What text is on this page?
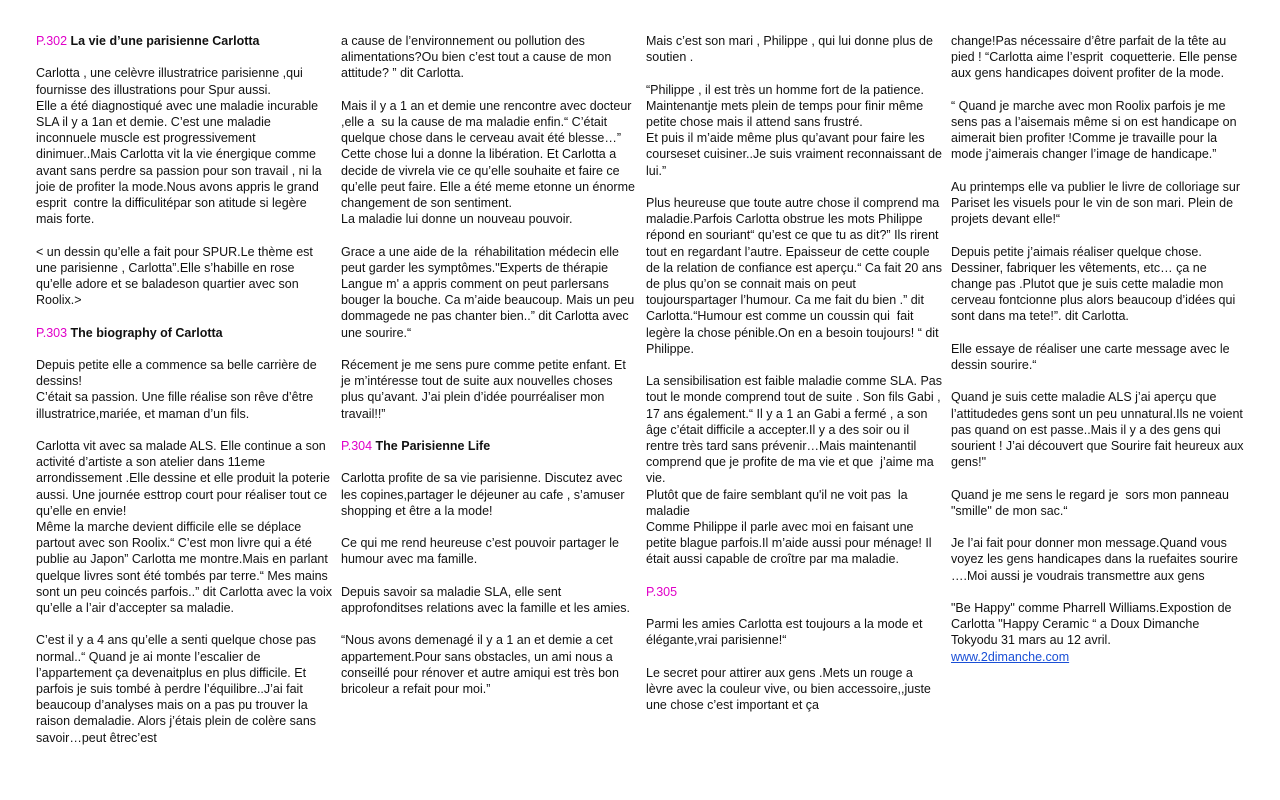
P.302 La vie d’une parisienne Carlotta

Carlotta , une celèvre illustratrice parisienne ,qui fournisse des illustrations pour Spur aussi.
Elle a été diagnostiqué avec une maladie incurable SLA il y a 1an et demie. C’est une maladie inconnuele muscle est progressivement dinimuer..Mais Carlotta vit la vie énergique comme avant sans perdre sa passion pour son travail , ni la joie de profiter la mode.Nous avons appris le grand esprit  contre la difficulitépar son atitude si legère mais forte.

< un dessin qu’elle a fait pour SPUR.Le thème est une parisienne , Carlotta”.Elle s’habille en rose qu’elle adore et se baladeson quartier avec son Roolix.>

P.303 The biography of Carlotta

Depuis petite elle a commence sa belle carrière de dessins!
C’était sa passion. Une fille réalise son rêve d’être illustratrice,mariée, et maman d’un fils.

Carlotta vit avec sa malade ALS. Elle continue a son activité d’artiste a son atelier dans 11eme arrondissement .Elle dessine et elle produit la poterie aussi. Une journée esttrop court pour réaliser tout ce qu’elle en envie!
Même la marche devient difficile elle se déplace partout avec son Roolix.“ C’est mon livre qui a été publie au Japon” Carlotta me montre.Mais en parlant quelque livres sont été tombés par terre.“ Mes mains sont un peu coincés parfois..” dit Carlotta avec la voix qu’elle a l’air d’accepter sa maladie.

C’est il y a 4 ans qu’elle a senti quelque chose pas normal..“ Quand je ai monte l’escalier de l’appartement ça devenaitplus en plus difficile. Et parfois je suis tombé à perdre l’équilibre..J’ai fait beaucoup d’analyses mais on a pas pu trouver la raison demaladie. Alors j’étais plein de colère sans savoir…peut êtrec’est

a cause de l’environnement ou pollution des alimentations?Ou bien c’est tout a cause de mon attitude? ” dit Carlotta.

Mais il y a 1 an et demie une rencontre avec docteur ,elle a  su la cause de ma maladie enfin.“ C’était quelque chose dans le cerveau avait été blesse…”
Cette chose lui a donne la libération. Et Carlotta a decide de vivrela vie ce qu’elle souhaite et faire ce qu’elle peut faire. Elle a été meme etonne un énorme changement de son sentiment.
La maladie lui donne un nouveau pouvoir.

Grace a une aide de la  réhabilitation médecin elle peut garder les symptômes."Experts de thérapie Langue m' a appris comment on peut parlersans bouger la bouche. Ca m’aide beaucoup. Mais un peu dommagede ne pas chanter bien..” dit Carlotta avec une sourire.“

Récement je me sens pure comme petite enfant. Et je m’intéresse tout de suite aux nouvelles choses plus qu’avant. J’ai plein d’idée pourréaliser mon travail!!”

P.304 The Parisienne Life

Carlotta profite de sa vie parisienne. Discutez avec les copines,partager le déjeuner au cafe , s’amuser shopping et être a la mode!

Ce qui me rend heureuse c’est pouvoir partager le humour avec ma famille.

Depuis savoir sa maladie SLA, elle sent approfonditses relations avec la famille et les amies.

“Nous avons demenagé il y a 1 an et demie a cet appartement.Pour sans obstacles, un ami nous a conseillé pour rénover et autre amiqui est très bon bricoleur a refait pour moi.”

Mais c’est son mari , Philippe , qui lui donne plus de soutien .

“Philippe , il est très un homme fort de la patience. Maintenantje mets plein de temps pour finir même petite chose mais il attend sans frustré.
Et puis il m’aide même plus qu’avant pour faire les courseset cuisiner..Je suis vraiment reconnaissant de lui.”

Plus heureuse que toute autre chose il comprend ma maladie.Parfois Carlotta obstrue les mots Philippe répond en souriant“ qu’est ce que tu as dit?” Ils rirent tout en regardant l’autre. Epaisseur de cette couple de la relation de confiance est aperçu.“ Ca fait 20 ans de plus qu’on se connait mais on peut toujourspartager l’humour. Ca me fait du bien .” dit Carlotta.“Humour est comme un coussin qui  fait legère la chose pénible.On en a besoin toujours! “ dit Philippe.

La sensibilisation est faible maladie comme SLA. Pas tout le monde comprend tout de suite . Son fils Gabi , 17 ans également.“ Il y a 1 an Gabi a fermé , a son âge c’était difficile a accepter.Il y a des soir ou il rentre très tard sans prévenir…Mais maintenantil comprend que je profite de ma vie et que  j’aime ma vie.
Plutôt que de faire semblant qu'il ne voit pas  la maladie
Comme Philippe il parle avec moi en faisant une petite blague parfois.Il m’aide aussi pour ménage! Il était aussi capable de croître par ma maladie.

P.305

Parmi les amies Carlotta est toujours a la mode et élégante,vrai parisienne!“

Le secret pour attirer aux gens .Mets un rouge a lèvre avec la couleur vive, ou bien accessoire,,juste une chose c’est important et ça

change!Pas nécessaire d’être parfait de la tête au pied ! “Carlotta aime l’esprit  coquetterie. Elle pense aux gens handicapes doivent profiter de la mode.

“ Quand je marche avec mon Roolix parfois je me sens pas a l’aisemais même si on est handicape on aimerait bien profiter !Comme je travaille pour la mode j’aimerais changer l’image de handicape.”

Au printemps elle va publier le livre de colloriage sur Pariset les visuels pour le vin de son mari. Plein de projets devant elle!“

Depuis petite j’aimais réaliser quelque chose. Dessiner, fabriquer les vêtements, etc… ça ne change pas .Plutot que je suis cette maladie mon cerveau fontcionne plus alors beaucoup d’idées qui sont dans ma tete!”. dit Carlotta.

Elle essaye de réaliser une carte message avec le dessin sourire.“

Quand je suis cette maladie ALS j’ai aperçu que l’attitudedes gens sont un peu unnatural.Ils ne voient pas quand on est passe..Mais il y a des gens qui sourient ! J’ai découvert que Sourire fait heureux aux gens!"

Quand je me sens le regard je  sors mon panneau "smille" de mon sac.“

Je l’ai fait pour donner mon message.Quand vous voyez les gens handicapes dans la ruefaites sourire ….Moi aussi je voudrais transmettre aux gens

"Be Happy" comme Pharrell Williams.Expostion de Carlotta "Happy Ceramic “ a Doux Dimanche Tokyodu 31 mars au 12 avril.

www.2dimanche.com
